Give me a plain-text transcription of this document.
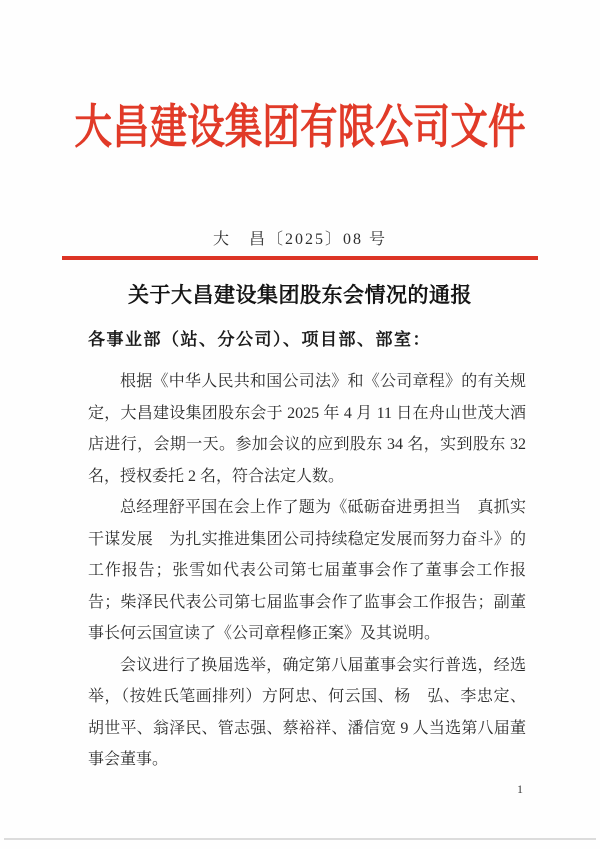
大昌建设集团有限公司文件
大　昌〔2025〕08 号
关于大昌建设集团股东会情况的通报
各事业部（站、分公司）、项目部、部室：

根据《中华人民共和国公司法》和《公司章程》的有关规定，大昌建设集团股东会于 2025 年 4 月 11 日在舟山世茂大酒店进行，会期一天。参加会议的应到股东 34 名，实到股东 32 名，授权委托 2 名，符合法定人数。

总经理舒平国在会上作了题为《砥砺奋进勇担当　真抓实干谋发展　为扎实推进集团公司持续稳定发展而努力奋斗》的工作报告；张雪如代表公司第七届董事会作了董事会工作报告；柴泽民代表公司第七届监事会作了监事会工作报告；副董事长何云国宣读了《公司章程修正案》及其说明。

会议进行了换届选举，确定第八届董事会实行普选，经选举，（按姓氏笔画排列）方阿忠、何云国、杨　弘、李忠定、胡世平、翁泽民、管志强、蔡裕祥、潘信宽 9 人当选第八届董事会董事。

1
